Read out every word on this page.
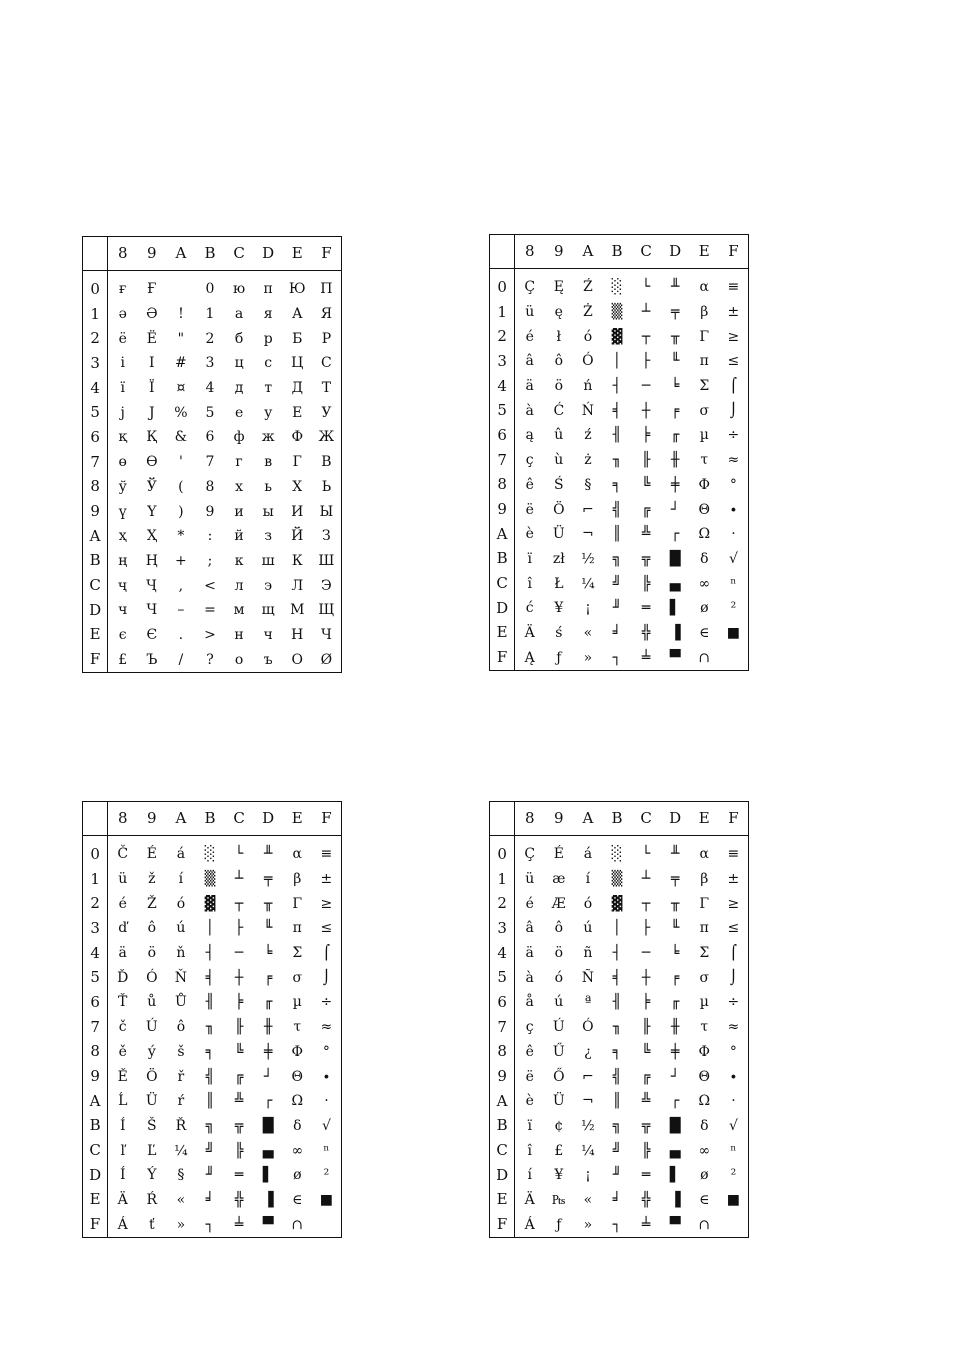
	8	9	A	B	C	D	E	F
0	ғ	Ғ		0	ю	п	Ю	П
1	ә	Ә	!	1	а	я	А	Я
2	ё	Ё	"	2	б	р	Б	Р
3	і	І	#	3	ц	с	Ц	С
4	ї	Ї	¤	4	д	т	Д	Т
5	ј	Ј	%	5	е	у	Е	У
6	қ	Қ	&	6	ф	ж	Ф	Ж
7	ө	Ө	'	7	г	в	Г	В
8	ў	Ў	(	8	х	ь	Х	Ь
9	ү	Ү	)	9	и	ы	И	Ы
A	ҳ	Ҳ	*	:	й	з	Й	З
B	ң	Ң	+	;	к	ш	К	Ш
C	ҷ	Ҷ	,	<	л	э	Л	Э
D	ч	Ч	–	=	м	щ	М	Щ
E	є	Є	.	>	н	ч	Н	Ч
F	£	Ъ	/	?	о	ъ	О	Ø
	8	9	A	B	C	D	E	F
0	Ç	Ę	Ź	░	└	╨	α	≡
1	ü	ę	Ż	▒	┴	╤	β	±
2	é	ł	ó	▓	┬	╥	Γ	≥
3	â	ô	Ó	│	├	╙	π	≤
4	ä	ö	ń	┤	─	╘	Σ	⌠
5	à	Ć	Ń	╡	┼	╒	σ	⌡
6	ą	û	ź	╢	╞	╓	µ	÷
7	ç	ù	ż	╖	╟	╫	τ	≈
8	ê	Ś	§	╕	╚	╪	Φ	°
9	ë	Ö	⌐	╣	╔	┘	Θ	∙
A	è	Ü	¬	║	╩	┌	Ω	·
B	ï	zł	½	╗	╦	█	δ	√
C	î	Ł	¼	╝	╠	▄	∞	ⁿ
D	ć	¥	¡	╜	═	▌	ø	²
E	Ä	ś	«	╛	╬	▐	∈	■
F	Ą	ƒ	»	┐	╧	▀	∩	
	8	9	A	B	C	D	E	F
0	Č	É	á	░	└	╨	α	≡
1	ü	ž	í	▒	┴	╤	β	±
2	é	Ž	ó	▓	┬	╥	Γ	≥
3	ď	ô	ú	│	├	╙	π	≤
4	ä	ö	ň	┤	─	╘	Σ	⌠
5	Ď	Ó	Ň	╡	┼	╒	σ	⌡
6	Ť	ů	Ů	╢	╞	╓	µ	÷
7	č	Ú	ô	╖	╟	╫	τ	≈
8	ě	ý	š	╕	╚	╪	Φ	°
9	Ě	Ö	ř	╣	╔	┘	Θ	∙
A	Ĺ	Ü	ŕ	║	╩	┌	Ω	·
B	Í	Š	Ř	╗	╦	█	δ	√
C	ľ	Ľ	¼	╝	╠	▄	∞	ⁿ
D	Í	Ý	§	╜	═	▌	ø	²
E	Ä	Ŕ	«	╛	╬	▐	∈	■
F	Á	ť	»	┐	╧	▀	∩	
	8	9	A	B	C	D	E	F
0	Ç	É	á	░	└	╨	α	≡
1	ü	æ	í	▒	┴	╤	β	±
2	é	Æ	ó	▓	┬	╥	Γ	≥
3	â	ô	ú	│	├	╙	π	≤
4	ä	ö	ñ	┤	─	╘	Σ	⌠
5	à	ó	Ñ	╡	┼	╒	σ	⌡
6	å	ú	ª	╢	╞	╓	µ	÷
7	ç	Ú	Ó	╖	╟	╫	τ	≈
8	ê	Ű	¿	╕	╚	╪	Φ	°
9	ë	Ő	⌐	╣	╔	┘	Θ	∙
A	è	Ü	¬	║	╩	┌	Ω	·
B	ï	¢	½	╗	╦	█	δ	√
C	î	£	¼	╝	╠	▄	∞	ⁿ
D	í	¥	¡	╜	═	▌	ø	²
E	Ä	₧	«	╛	╬	▐	∈	■
F	Á	ƒ	»	┐	╧	▀	∩	
